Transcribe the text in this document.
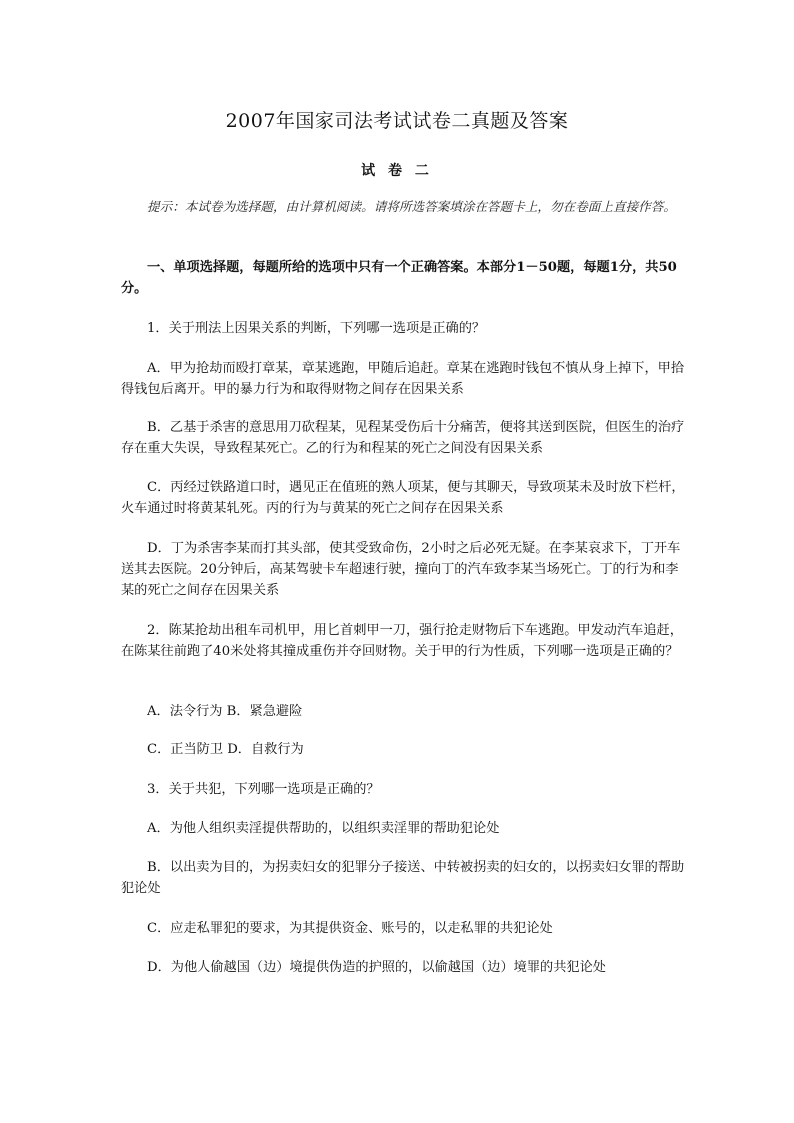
2007年国家司法考试试卷二真题及答案
试 卷 二
提示：本试卷为选择题，由计算机阅读。请将所选答案填涂在答题卡上，勿在卷面上直接作答。
一、单项选择题，每题所给的选项中只有一个正确答案。本部分1－50题，每题1分，共50分。
1．关于刑法上因果关系的判断，下列哪一选项是正确的？
A．甲为抢劫而殴打章某，章某逃跑，甲随后追赶。章某在逃跑时钱包不慎从身上掉下，甲拾得钱包后离开。甲的暴力行为和取得财物之间存在因果关系
B．乙基于杀害的意思用刀砍程某，见程某受伤后十分痛苦，便将其送到医院，但医生的治疗存在重大失误，导致程某死亡。乙的行为和程某的死亡之间没有因果关系
C．丙经过铁路道口时，遇见正在值班的熟人项某，便与其聊天，导致项某未及时放下栏杆，火车通过时将黄某轧死。丙的行为与黄某的死亡之间存在因果关系
D．丁为杀害李某而打其头部，使其受致命伤，2小时之后必死无疑。在李某哀求下，丁开车送其去医院。20分钟后，高某驾驶卡车超速行驶，撞向丁的汽车致李某当场死亡。丁的行为和李某的死亡之间存在因果关系
2．陈某抢劫出租车司机甲，用匕首刺甲一刀，强行抢走财物后下车逃跑。甲发动汽车追赶，在陈某往前跑了40米处将其撞成重伤并夺回财物。关于甲的行为性质，下列哪一选项是正确的？
A．法令行为 B．紧急避险
C．正当防卫 D．自救行为
3．关于共犯，下列哪一选项是正确的？
A．为他人组织卖淫提供帮助的，以组织卖淫罪的帮助犯论处
B．以出卖为目的，为拐卖妇女的犯罪分子接送、中转被拐卖的妇女的，以拐卖妇女罪的帮助犯论处
C．应走私罪犯的要求，为其提供资金、账号的，以走私罪的共犯论处
D．为他人偷越国（边）境提供伪造的护照的，以偷越国（边）境罪的共犯论处
